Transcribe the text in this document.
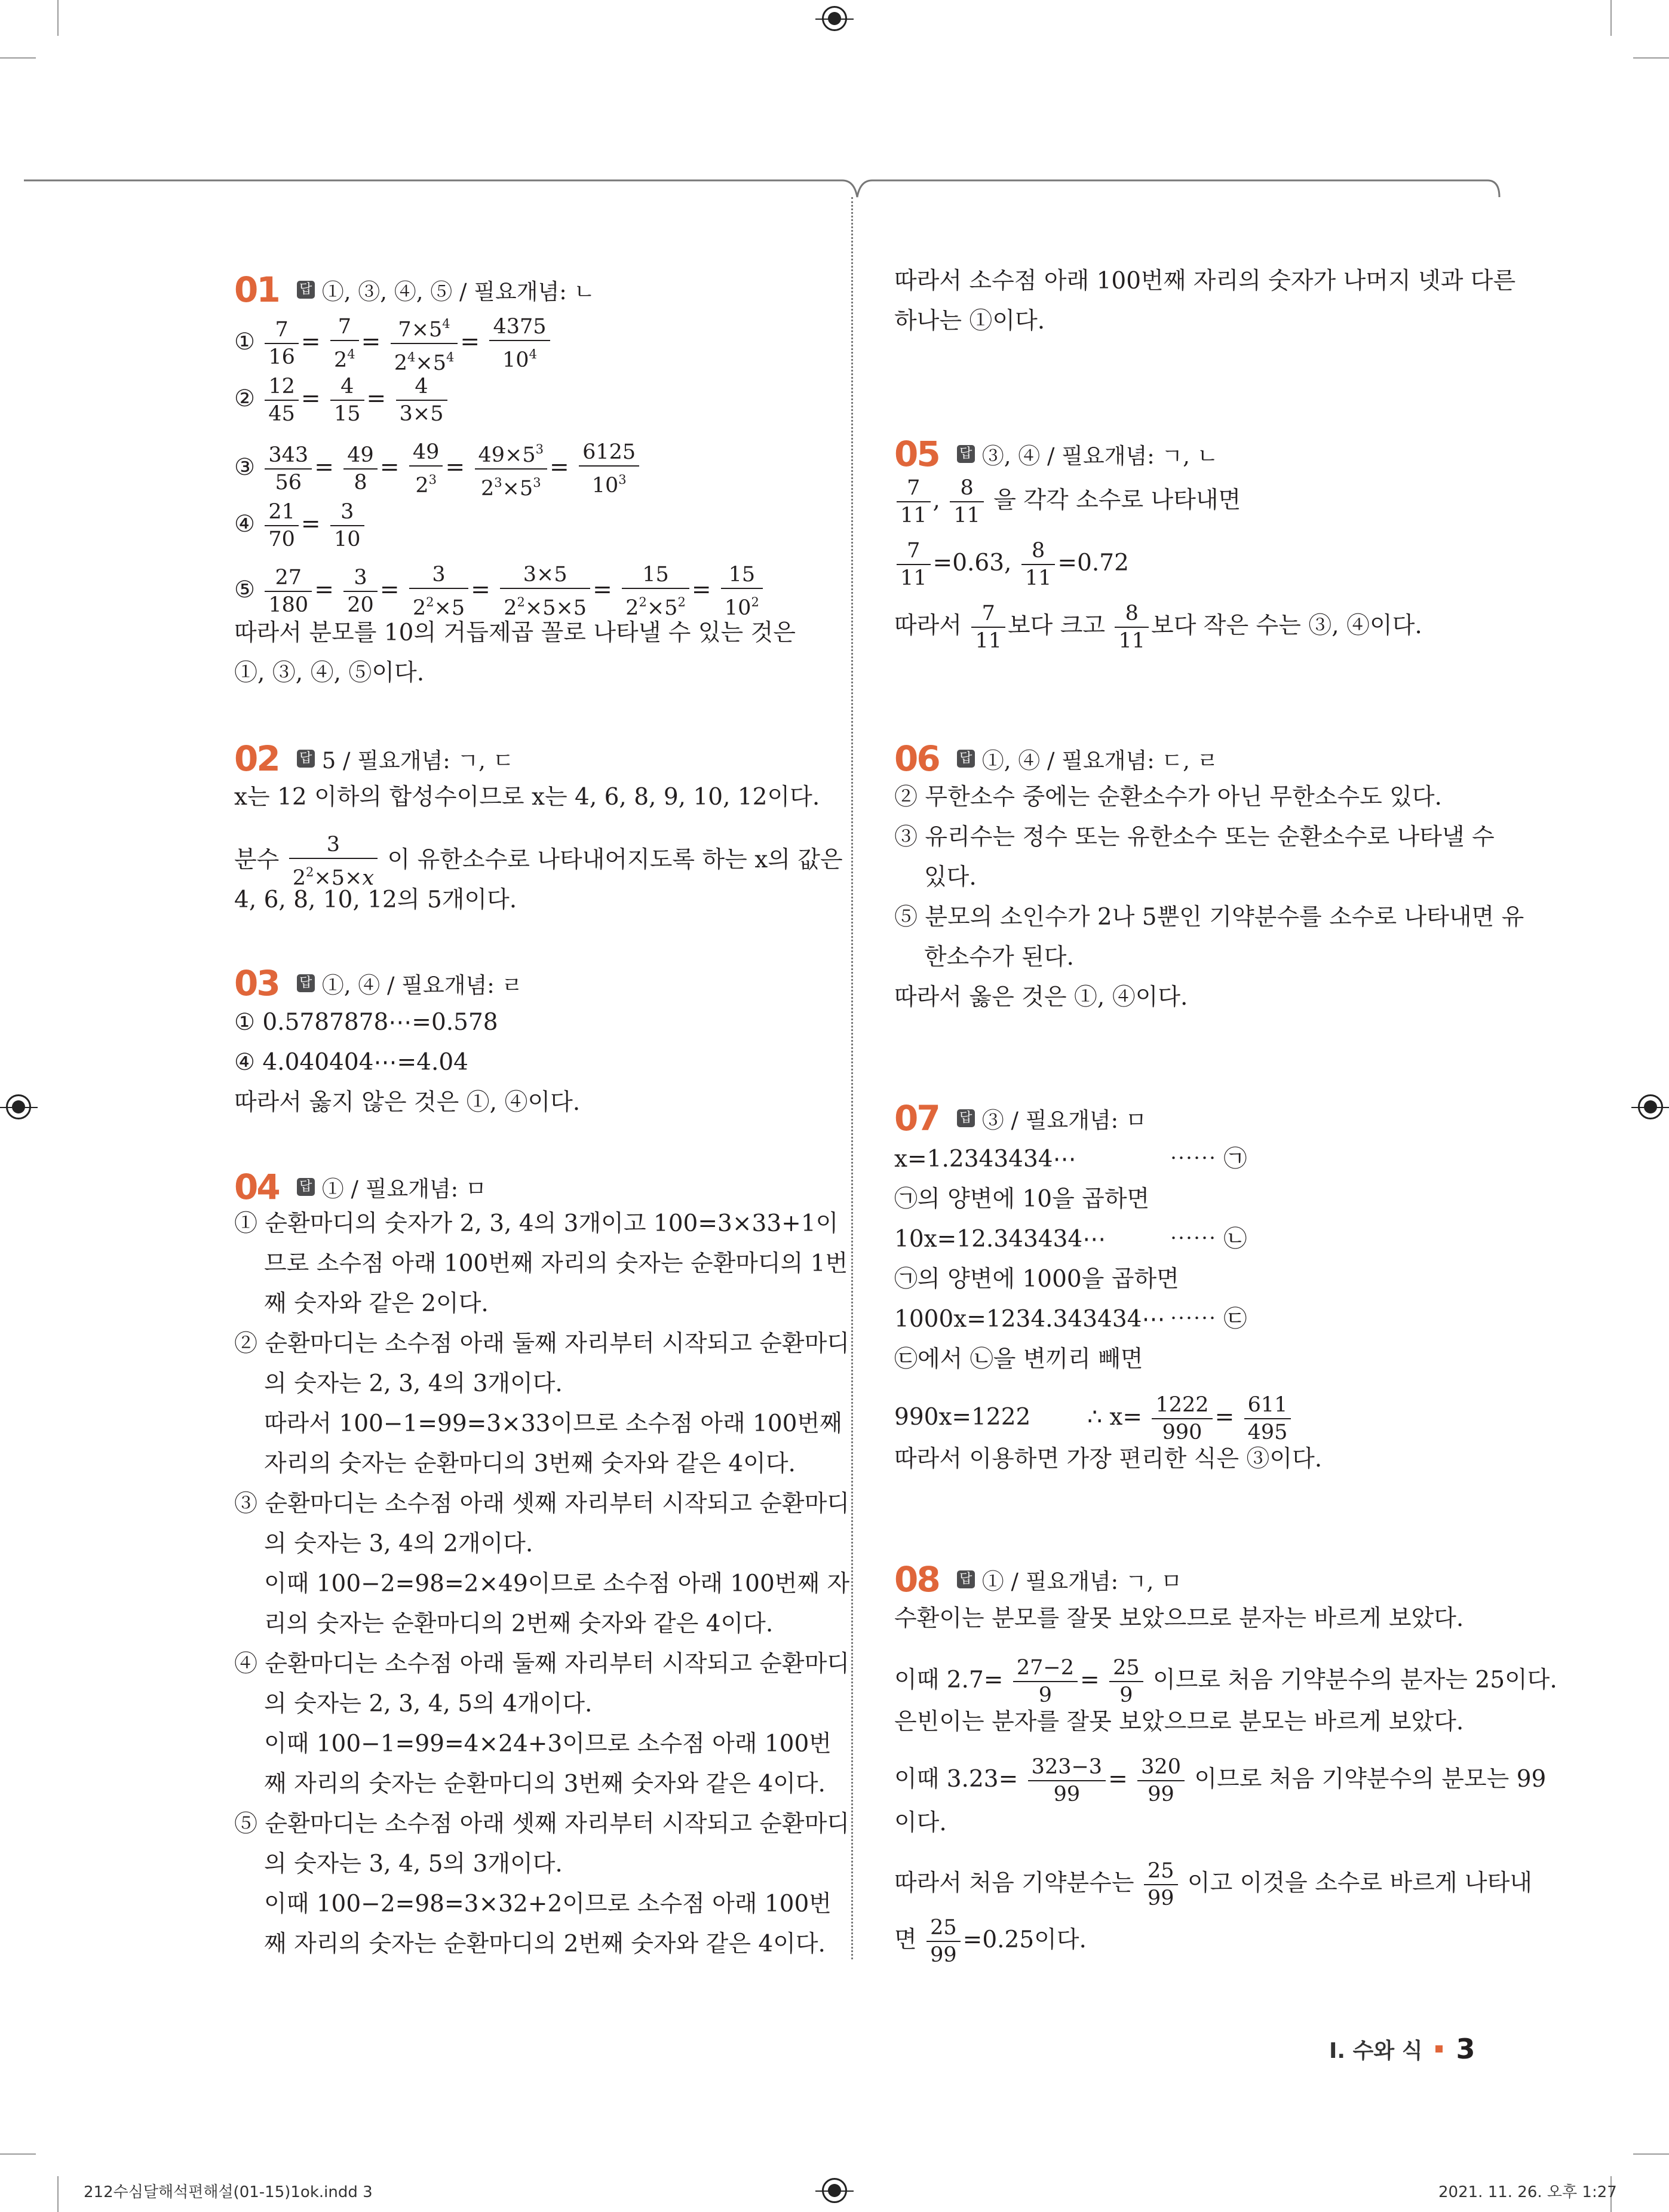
01 답 ①, ③, ④, ⑤ / 필요개념: ㄴ
① $\frac{7}{16} = \frac{7}{2^4} = \frac{7\times 5^4}{2^4\times 5^4} = \frac{4375}{10^4}$
② $\frac{12}{45} = \frac{4}{15} = \frac{4}{3\times 5}$
③ $\frac{343}{56} = \frac{49}{8} = \frac{49}{2^3} = \frac{49\times 5^3}{2^3\times 5^3} = \frac{6125}{10^3}$
④ $\frac{21}{70} = \frac{3}{10}$
⑤ $\frac{27}{180} = \frac{3}{20} = \frac{3}{2^2\times 5} = \frac{3\times 5}{2^2\times 5\times 5} = \frac{15}{2^2\times 5^2} = \frac{15}{10^2}$
따라서 분모를 10의 거듭제곱 꼴로 나타낼 수 있는 것은
①, ③, ④, ⑤이다.
02 답 5 / 필요개념: ㄱ, ㄷ
x는 12 이하의 합성수이므로 x는 4, 6, 8, 9, 10, 12이다.
분수 $\frac{3}{2^2\times 5\times x}$ 이 유한소수로 나타내어지도록 하는 x의 값은
4, 6, 8, 10, 12의 5개이다.
03 답 ①, ④ / 필요개념: ㄹ
① 0.5787878⋯=0.578
④ 4.040404⋯=4.04
따라서 옳지 않은 것은 ①, ④이다.
04 답 ① / 필요개념: ㅁ
① 순환마디의 숫자가 2, 3, 4의 3개이고 100=3×33+1이
므로 소수점 아래 100번째 자리의 숫자는 순환마디의 1번
째 숫자와 같은 2이다.
② 순환마디는 소수점 아래 둘째 자리부터 시작되고 순환마디
의 숫자는 2, 3, 4의 3개이다.
따라서 100−1=99=3×33이므로 소수점 아래 100번째
자리의 숫자는 순환마디의 3번째 숫자와 같은 4이다.
③ 순환마디는 소수점 아래 셋째 자리부터 시작되고 순환마디
의 숫자는 3, 4의 2개이다.
이때 100−2=98=2×49이므로 소수점 아래 100번째 자
리의 숫자는 순환마디의 2번째 숫자와 같은 4이다.
④ 순환마디는 소수점 아래 둘째 자리부터 시작되고 순환마디
의 숫자는 2, 3, 4, 5의 4개이다.
이때 100−1=99=4×24+3이므로 소수점 아래 100번
째 자리의 숫자는 순환마디의 3번째 숫자와 같은 4이다.
⑤ 순환마디는 소수점 아래 셋째 자리부터 시작되고 순환마디
의 숫자는 3, 4, 5의 3개이다.
이때 100−2=98=3×32+2이므로 소수점 아래 100번
째 자리의 숫자는 순환마디의 2번째 숫자와 같은 4이다.
따라서 소수점 아래 100번째 자리의 숫자가 나머지 넷과 다른
하나는 ①이다.
05 답 ③, ④ / 필요개념: ㄱ, ㄴ
$\frac{7}{11}$ , $\frac{8}{11}$ 을 각각 소수로 나타내면
$\frac{7}{11} =0.63$, $\frac{8}{11} =0.72$
따라서 $\frac{7}{11}$ 보다 크고 $\frac{8}{11}$ 보다 작은 수는 ③, ④이다.
06 답 ①, ④ / 필요개념: ㄷ, ㄹ
② 무한소수 중에는 순환소수가 아닌 무한소수도 있다.
③ 유리수는 정수 또는 유한소수 또는 순환소수로 나타낼 수
있다.
⑤ 분모의 소인수가 2나 5뿐인 기약분수를 소수로 나타내면 유
한소수가 된다.
따라서 옳은 것은 ①, ④이다.
07 답 ③ / 필요개념: ㅁ
x=1.2343434⋯	⋯⋯ ㉠
㉠의 양변에 10을 곱하면
10x=12.343434⋯	⋯⋯ ㉡
㉠의 양변에 1000을 곱하면
1000x=1234.343434⋯ ⋯⋯ ㉢
㉢에서 ㉡을 변끼리 빼면
990x=1222 ∴ $x= \frac{1222}{990} = \frac{611}{495}$
따라서 이용하면 가장 편리한 식은 ③이다.
08 답 ① / 필요개념: ㄱ, ㅁ
수환이는 분모를 잘못 보았으므로 분자는 바르게 보았다.
이때 $2.7= \frac{27-2}{9} = \frac{25}{9}$ 이므로 처음 기약분수의 분자는 25이다.
은빈이는 분자를 잘못 보았으므로 분모는 바르게 보았다.
이때 $3.23= \frac{323-3}{99} = \frac{320}{99}$ 이므로 처음 기약분수의 분모는 99
이다.
따라서 처음 기약분수는 $\frac{25}{99}$ 이고 이것을 소수로 바르게 나타내
면 $\frac{25}{99} =0.25$이다.
Ⅰ. 수와 식 3
212수심달해석편해설(01-15)1ok.indd 3	2021. 11. 26. 오후 1:27
